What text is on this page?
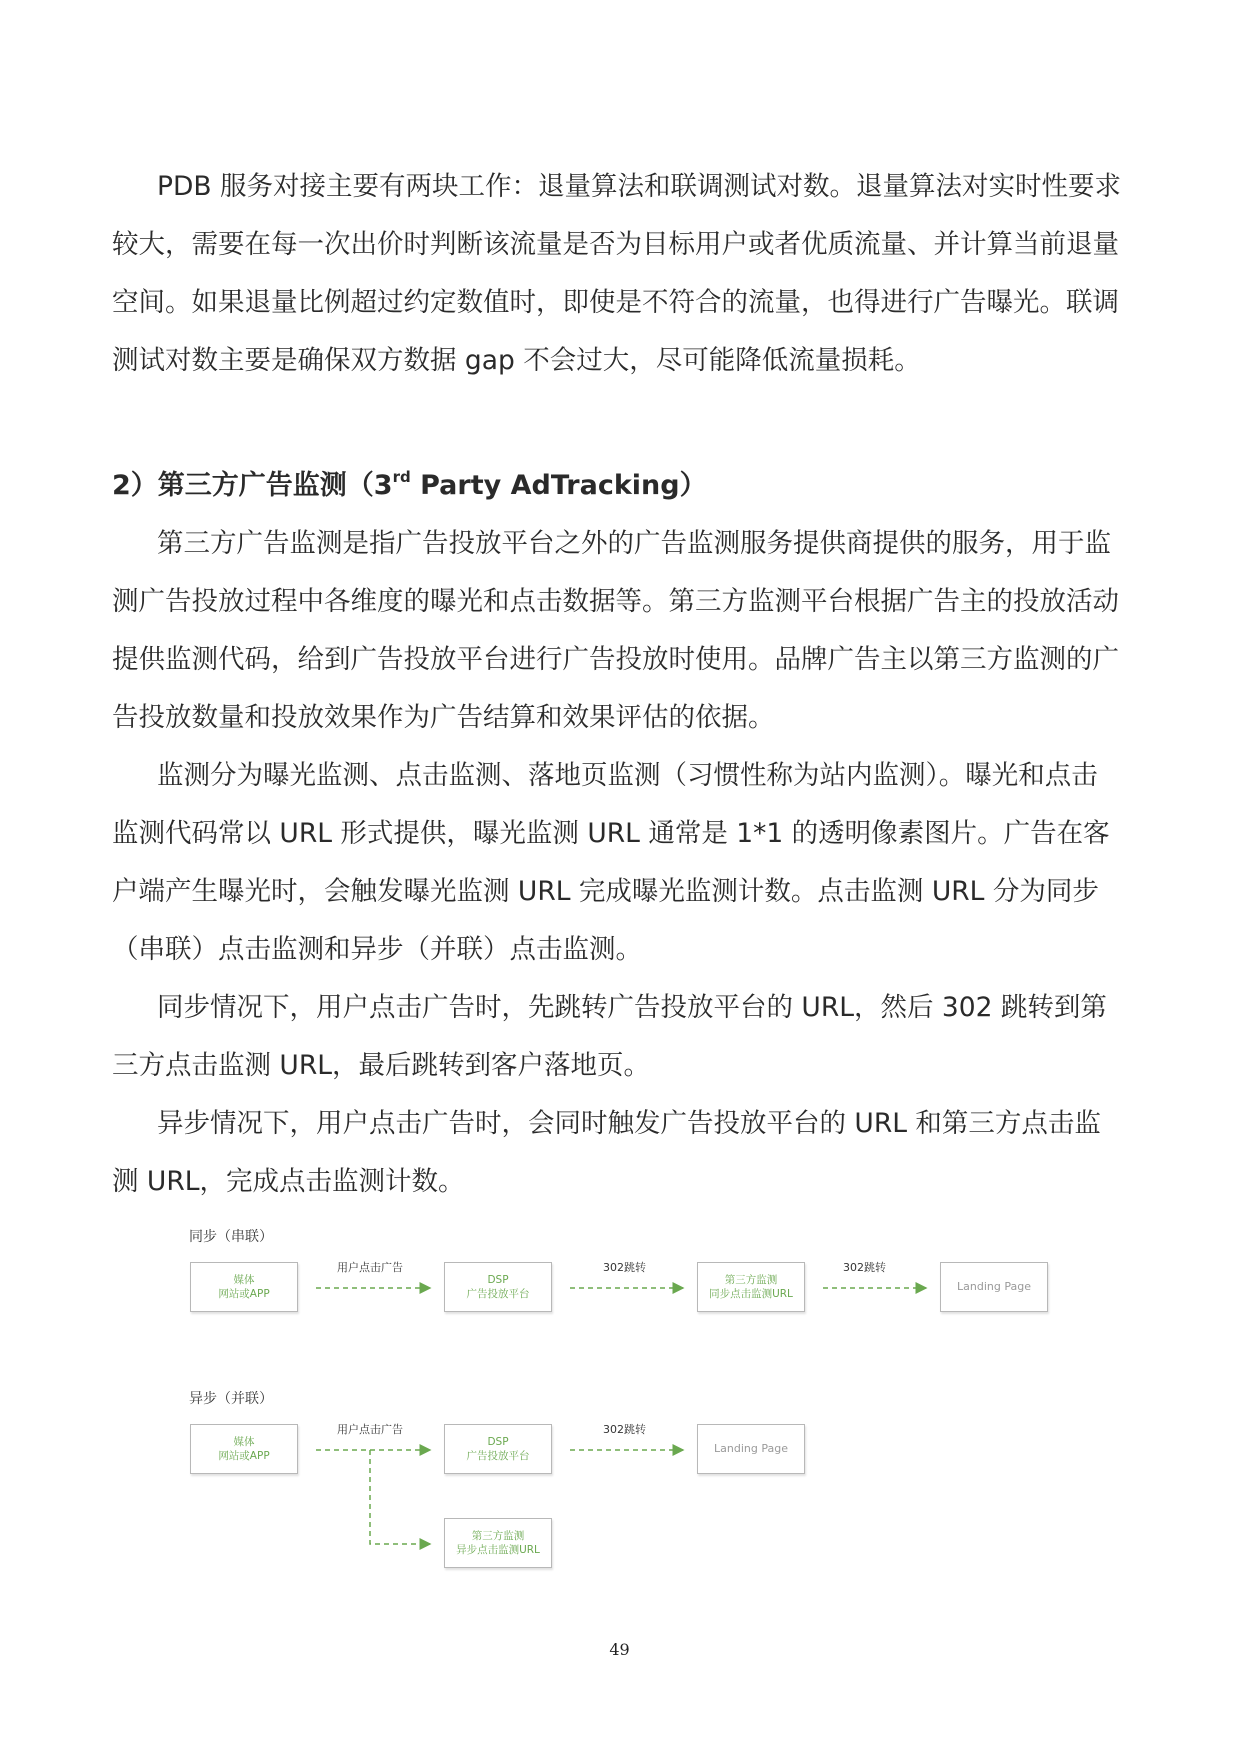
PDB 服务对接主要有两块工作：退量算法和联调测试对数。退量算法对实时性要求较大，需要在每一次出价时判断该流量是否为目标用户或者优质流量、并计算当前退量空间。如果退量比例超过约定数值时，即使是不符合的流量，也得进行广告曝光。联调测试对数主要是确保双方数据 gap 不会过大，尽可能降低流量损耗。

2）第三方广告监测（3rd Party AdTracking）

第三方广告监测是指广告投放平台之外的广告监测服务提供商提供的服务，用于监测广告投放过程中各维度的曝光和点击数据等。第三方监测平台根据广告主的投放活动提供监测代码，给到广告投放平台进行广告投放时使用。品牌广告主以第三方监测的广告投放数量和投放效果作为广告结算和效果评估的依据。

监测分为曝光监测、点击监测、落地页监测（习惯性称为站内监测）。曝光和点击监测代码常以 URL 形式提供，曝光监测 URL 通常是 1*1 的透明像素图片。广告在客户端产生曝光时，会触发曝光监测 URL 完成曝光监测计数。点击监测 URL 分为同步（串联）点击监测和异步（并联）点击监测。

同步情况下，用户点击广告时，先跳转广告投放平台的 URL，然后 302 跳转到第三方点击监测 URL，最后跳转到客户落地页。

异步情况下，用户点击广告时，会同时触发广告投放平台的 URL 和第三方点击监测 URL，完成点击监测计数。

同步（串联）
媒体
网站或APP
DSP
广告投放平台
第三方监测
同步点击监测URL
Landing Page
用户点击广告	302跳转	302跳转
异步（并联）
媒体
网站或APP
DSP
广告投放平台
Landing Page
第三方监测
异步点击监测URL
用户点击广告	302跳转
49
